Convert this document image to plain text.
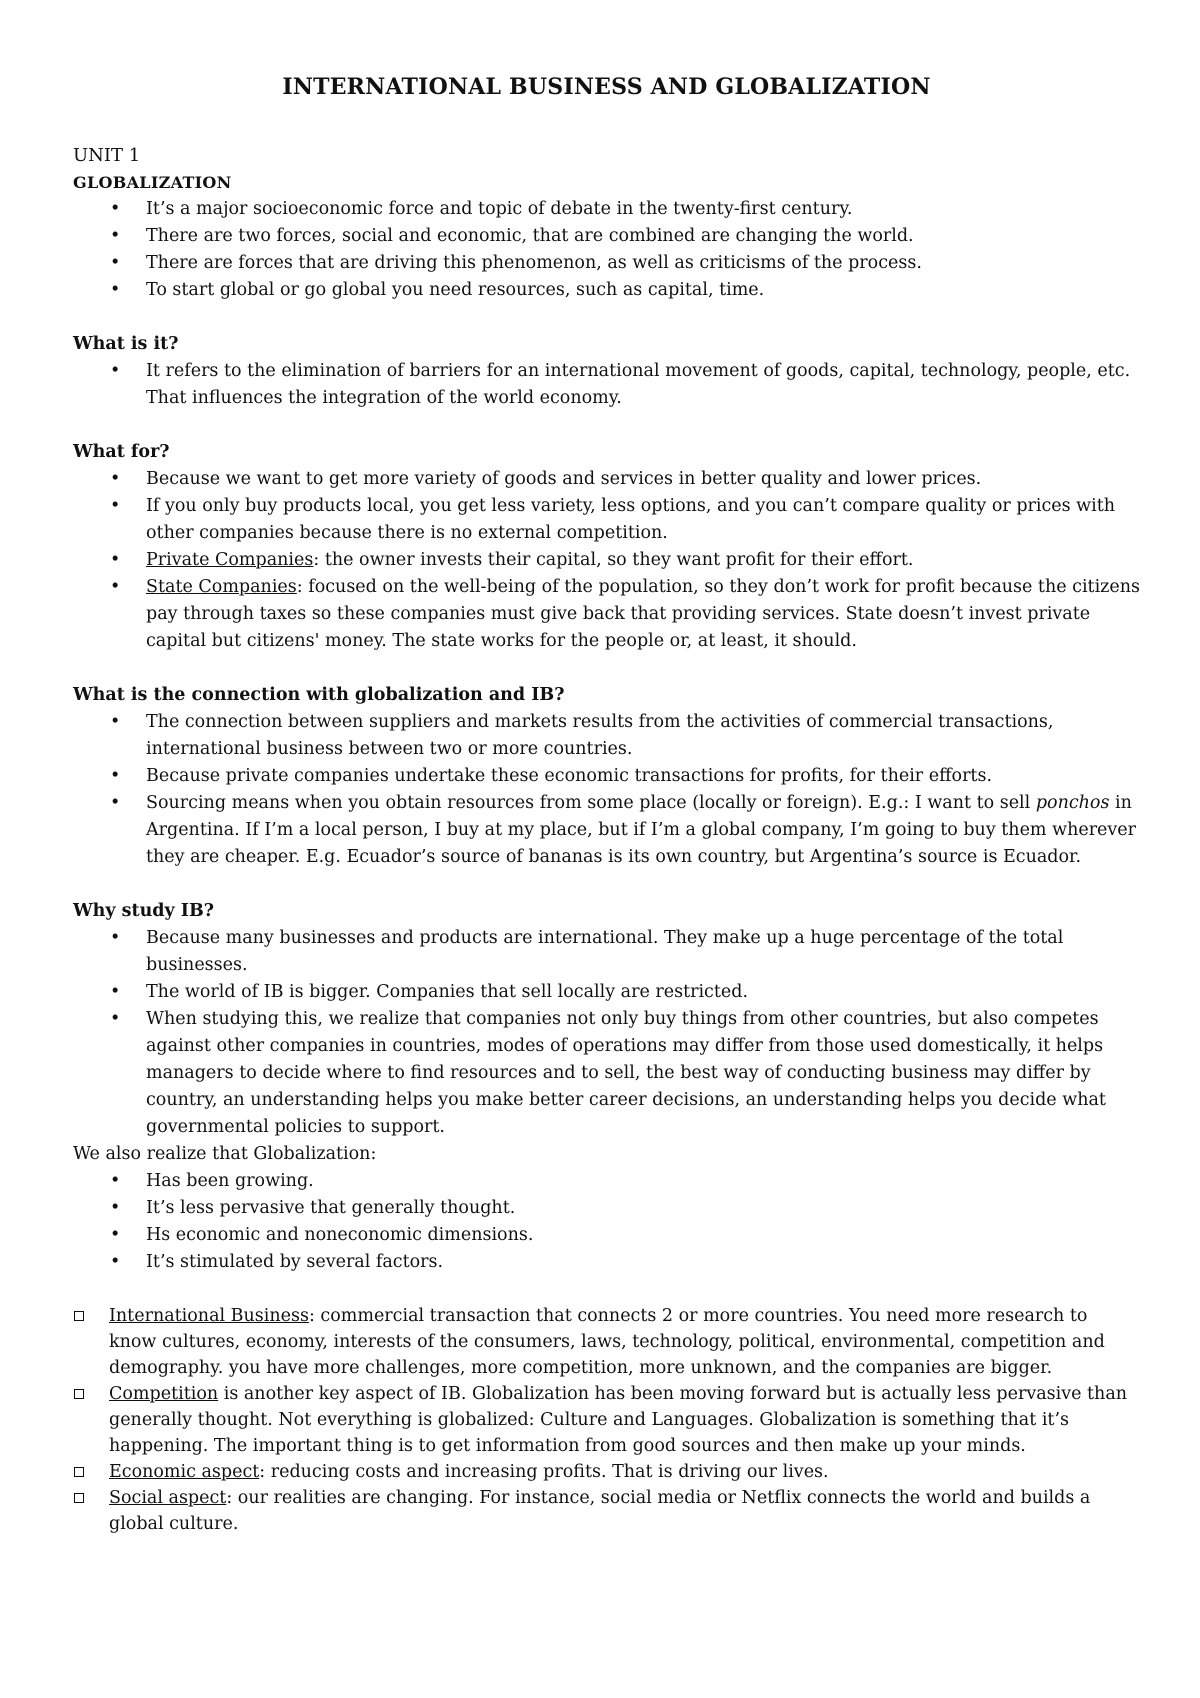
INTERNATIONAL BUSINESS AND GLOBALIZATION

UNIT 1

GLOBALIZATION

• It’s a major socioeconomic force and topic of debate in the twenty-first century.
• There are two forces, social and economic, that are combined are changing the world.
• There are forces that are driving this phenomenon, as well as criticisms of the process.
• To start global or go global you need resources, such as capital, time.

What is it?

• It refers to the elimination of barriers for an international movement of goods, capital, technology, people, etc. That influences the integration of the world economy.

What for?

• Because we want to get more variety of goods and services in better quality and lower prices.
• If you only buy products local, you get less variety, less options, and you can’t compare quality or prices with other companies because there is no external competition.
• Private Companies: the owner invests their capital, so they want profit for their effort.
• State Companies: focused on the well-being of the population, so they don’t work for profit because the citizens pay through taxes so these companies must give back that providing services. State doesn’t invest private capital but citizens' money. The state works for the people or, at least, it should.

What is the connection with globalization and IB?

• The connection between suppliers and markets results from the activities of commercial transactions, international business between two or more countries.
• Because private companies undertake these economic transactions for profits, for their efforts.
• Sourcing means when you obtain resources from some place (locally or foreign). E.g.: I want to sell ponchos in Argentina. If I’m a local person, I buy at my place, but if I’m a global company, I’m going to buy them wherever they are cheaper. E.g. Ecuador’s source of bananas is its own country, but Argentina’s source is Ecuador.

Why study IB?

• Because many businesses and products are international. They make up a huge percentage of the total businesses.
• The world of IB is bigger. Companies that sell locally are restricted.
• When studying this, we realize that companies not only buy things from other countries, but also competes against other companies in countries, modes of operations may differ from those used domestically, it helps managers to decide where to find resources and to sell, the best way of conducting business may differ by country, an understanding helps you make better career decisions, an understanding helps you decide what governmental policies to support.

We also realize that Globalization:

• Has been growing.
• It’s less pervasive that generally thought.
• Hs economic and noneconomic dimensions.
• It’s stimulated by several factors.
International Business: commercial transaction that connects 2 or more countries. You need more research to know cultures, economy, interests of the consumers, laws, technology, political, environmental, competition and demography. you have more challenges, more competition, more unknown, and the companies are bigger.
Competition is another key aspect of IB. Globalization has been moving forward but is actually less pervasive than generally thought. Not everything is globalized: Culture and Languages. Globalization is something that it’s happening. The important thing is to get information from good sources and then make up your minds.
Economic aspect: reducing costs and increasing profits. That is driving our lives.
Social aspect: our realities are changing. For instance, social media or Netflix connects the world and builds a global culture.
